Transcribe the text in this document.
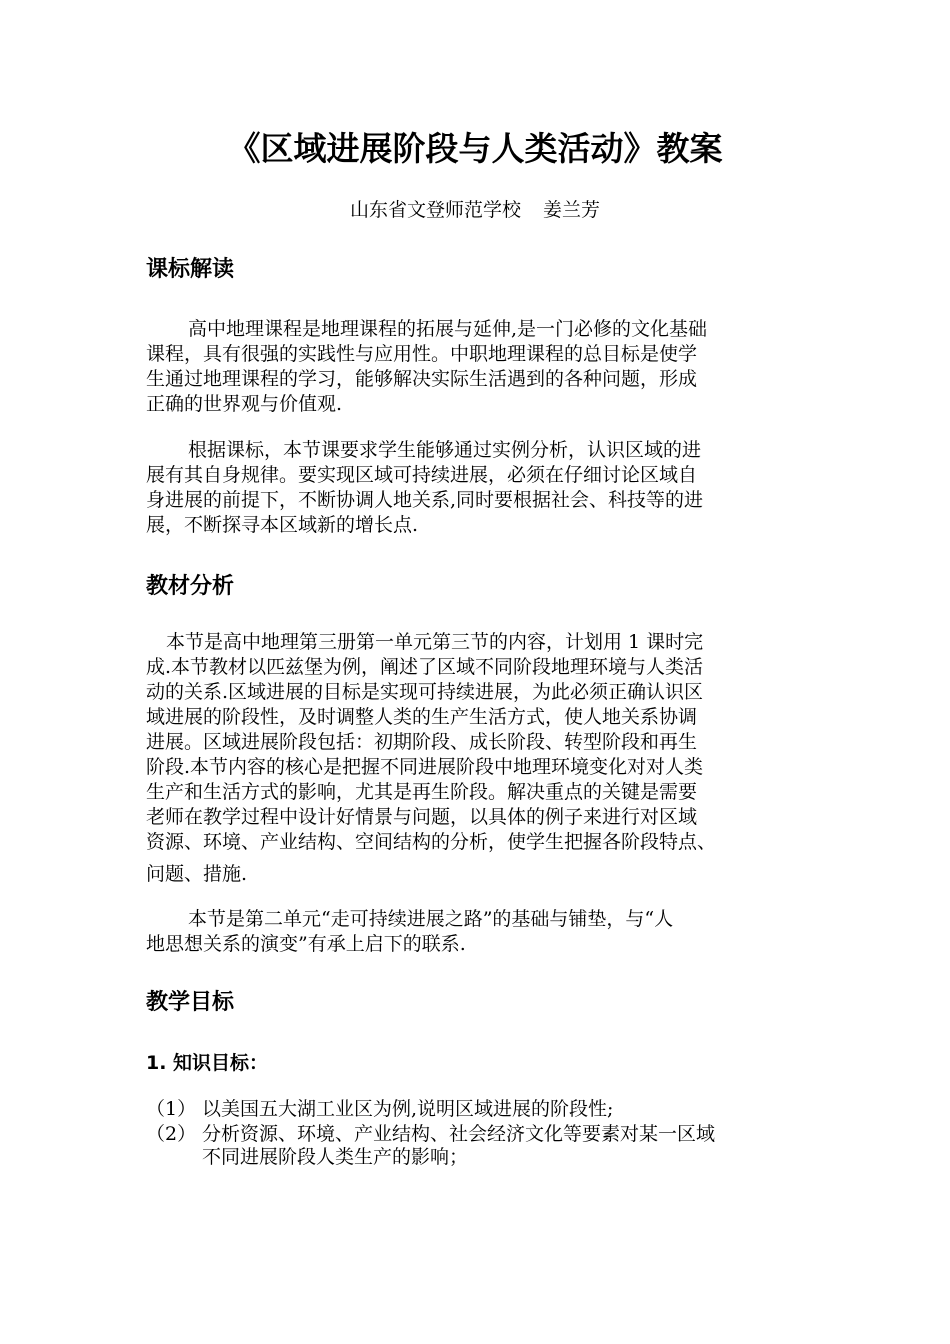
《区域进展阶段与人类活动》教案
山东省文登师范学校 姜兰芳
课标解读
高中地理课程是地理课程的拓展与延伸,是一门必修的文化基础
课程，具有很强的实践性与应用性。中职地理课程的总目标是使学
生通过地理课程的学习，能够解决实际生活遇到的各种问题，形成
正确的世界观与价值观.
根据课标，本节课要求学生能够通过实例分析，认识区域的进
展有其自身规律。要实现区域可持续进展，必须在仔细讨论区域自
身进展的前提下，不断协调人地关系,同时要根据社会、科技等的进
展，不断探寻本区域新的增长点.
教材分析
本节是高中地理第三册第一单元第三节的内容，计划用 1 课时完
成.本节教材以匹兹堡为例，阐述了区域不同阶段地理环境与人类活
动的关系.区域进展的目标是实现可持续进展，为此必须正确认识区
域进展的阶段性，及时调整人类的生产生活方式，使人地关系协调
进展。区域进展阶段包括：初期阶段、成长阶段、转型阶段和再生
阶段.本节内容的核心是把握不同进展阶段中地理环境变化对对人类
生产和生活方式的影响，尤其是再生阶段。解决重点的关键是需要
老师在教学过程中设计好情景与问题，以具体的例子来进行对区域
资源、环境、产业结构、空间结构的分析，使学生把握各阶段特点、
问题、措施.
本节是第二单元“走可持续进展之路”的基础与铺垫，与“人
地思想关系的演变”有承上启下的联系.
教学目标
1. 知识目标：
（1） 以美国五大湖工业区为例,说明区域进展的阶段性;
（2） 分析资源、环境、产业结构、社会经济文化等要素对某一区域
不同进展阶段人类生产的影响；
